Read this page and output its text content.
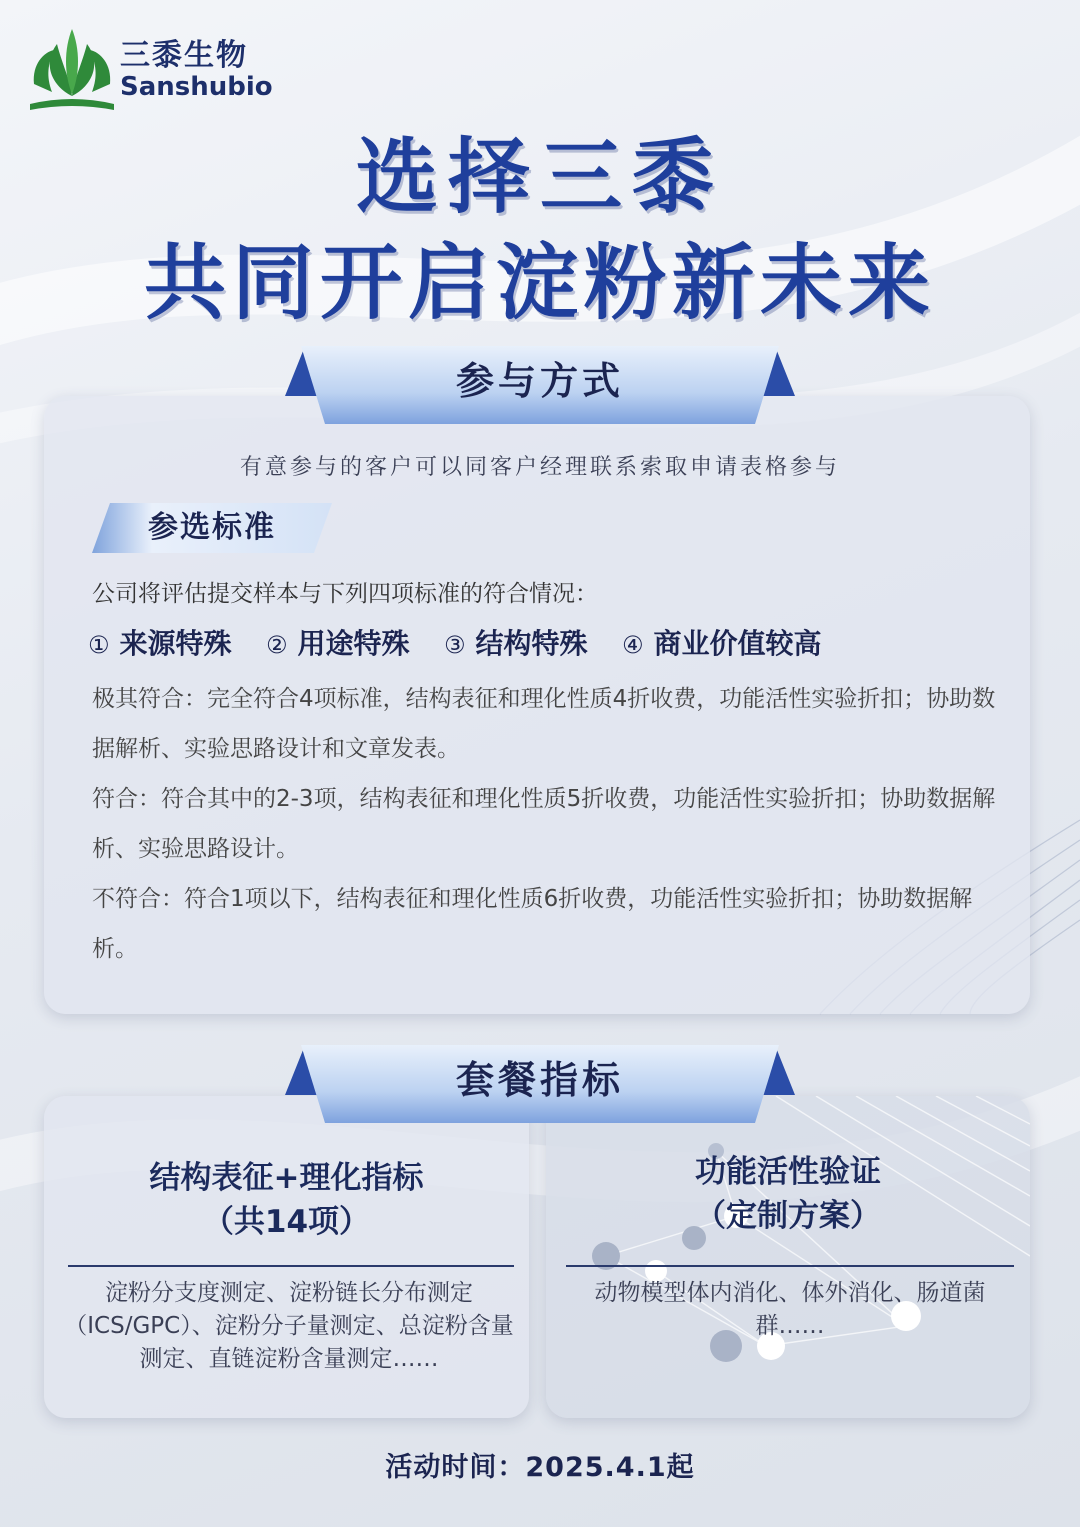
三黍生物
Sanshubio
选择三黍
共同开启淀粉新未来
参与方式
有意参与的客户可以同客户经理联系索取申请表格参与
参选标准
公司将评估提交样本与下列四项标准的符合情况：
① 来源特殊 ② 用途特殊 ③ 结构特殊 ④ 商业价值较高
极其符合：完全符合4项标准，结构表征和理化性质4折收费，功能活性实验折扣；协助数据解析、实验思路设计和文章发表。
符合：符合其中的2-3项，结构表征和理化性质5折收费，功能活性实验折扣；协助数据解析、实验思路设计。
不符合：符合1项以下，结构表征和理化性质6折收费，功能活性实验折扣；协助数据解析。
套餐指标
结构表征+理化指标
（共14项）
淀粉分支度测定、淀粉链长分布测定（ICS/GPC）、淀粉分子量测定、总淀粉含量测定、直链淀粉含量测定……
功能活性验证
（定制方案）
动物模型体内消化、体外消化、肠道菌群……
活动时间：2025.4.1起
